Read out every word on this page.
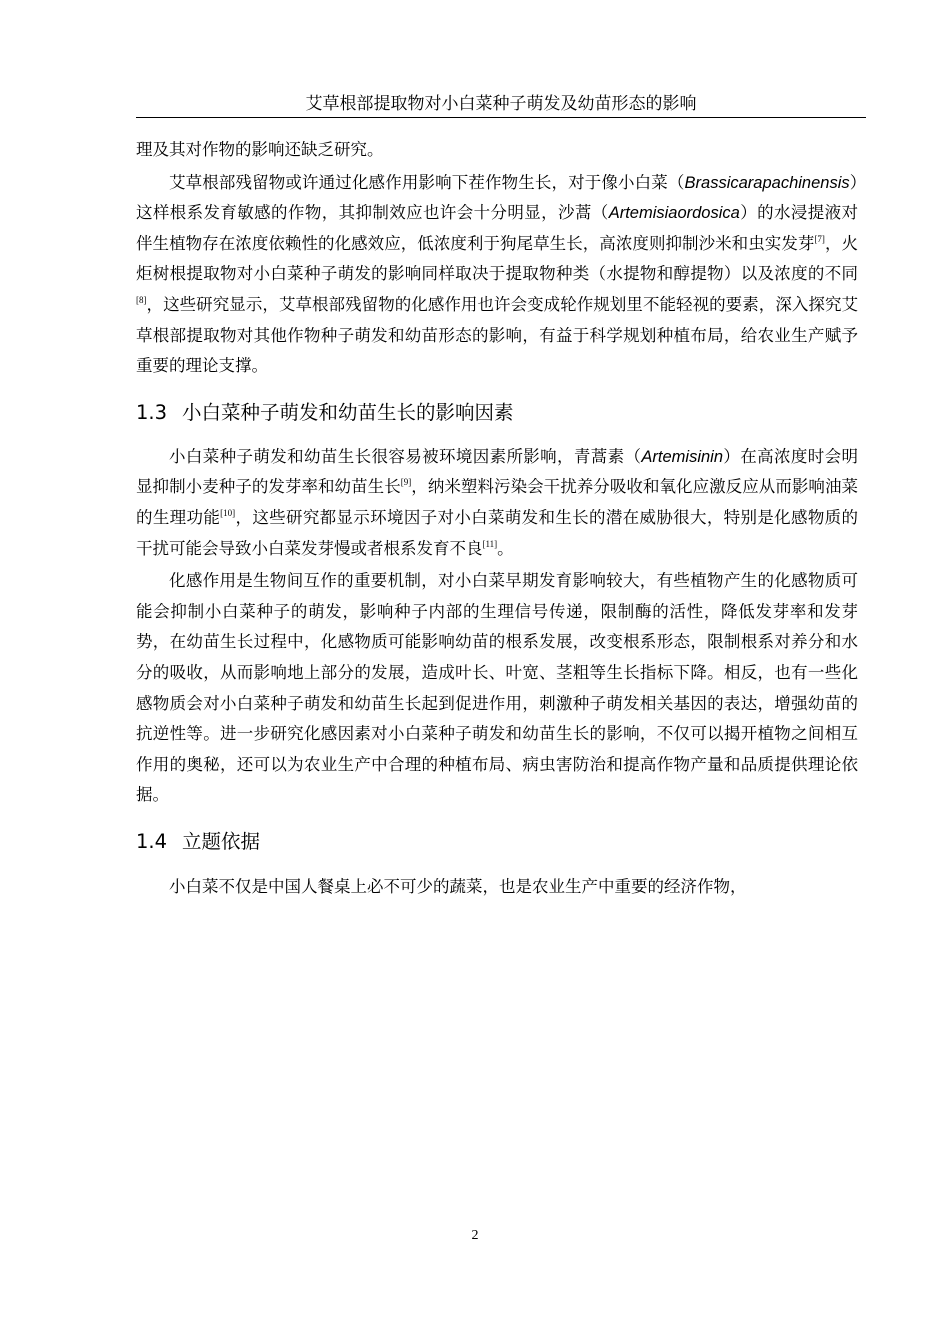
艾草根部提取物对小白菜种子萌发及幼苗形态的影响

理及其对作物的影响还缺乏研究。

艾草根部残留物或许通过化感作用影响下茬作物生长，对于像小白菜（Brassicarapachinensis）这样根系发育敏感的作物，其抑制效应也许会十分明显，沙蒿（Artemisiaordosica）的水浸提液对伴生植物存在浓度依赖性的化感效应，低浓度利于狗尾草生长，高浓度则抑制沙米和虫实发芽[7]，火炬树根提取物对小白菜种子萌发的影响同样取决于提取物种类（水提物和醇提物）以及浓度的不同[8]，这些研究显示，艾草根部残留物的化感作用也许会变成轮作规划里不能轻视的要素，深入探究艾草根部提取物对其他作物种子萌发和幼苗形态的影响，有益于科学规划种植布局，给农业生产赋予重要的理论支撑。

1.3 小白菜种子萌发和幼苗生长的影响因素

小白菜种子萌发和幼苗生长很容易被环境因素所影响，青蒿素（Artemisinin）在高浓度时会明显抑制小麦种子的发芽率和幼苗生长[9]，纳米塑料污染会干扰养分吸收和氧化应激反应从而影响油菜的生理功能[10]，这些研究都显示环境因子对小白菜萌发和生长的潜在威胁很大，特别是化感物质的干扰可能会导致小白菜发芽慢或者根系发育不良[11]。

化感作用是生物间互作的重要机制，对小白菜早期发育影响较大，有些植物产生的化感物质可能会抑制小白菜种子的萌发，影响种子内部的生理信号传递，限制酶的活性，降低发芽率和发芽势，在幼苗生长过程中，化感物质可能影响幼苗的根系发展，改变根系形态，限制根系对养分和水分的吸收，从而影响地上部分的发展，造成叶长、叶宽、茎粗等生长指标下降。相反，也有一些化感物质会对小白菜种子萌发和幼苗生长起到促进作用，刺激种子萌发相关基因的表达，增强幼苗的抗逆性等。进一步研究化感因素对小白菜种子萌发和幼苗生长的影响，不仅可以揭开植物之间相互作用的奥秘，还可以为农业生产中合理的种植布局、病虫害防治和提高作物产量和品质提供理论依据。

1.4 立题依据

小白菜不仅是中国人餐桌上必不可少的蔬菜，也是农业生产中重要的经济作物，

2
